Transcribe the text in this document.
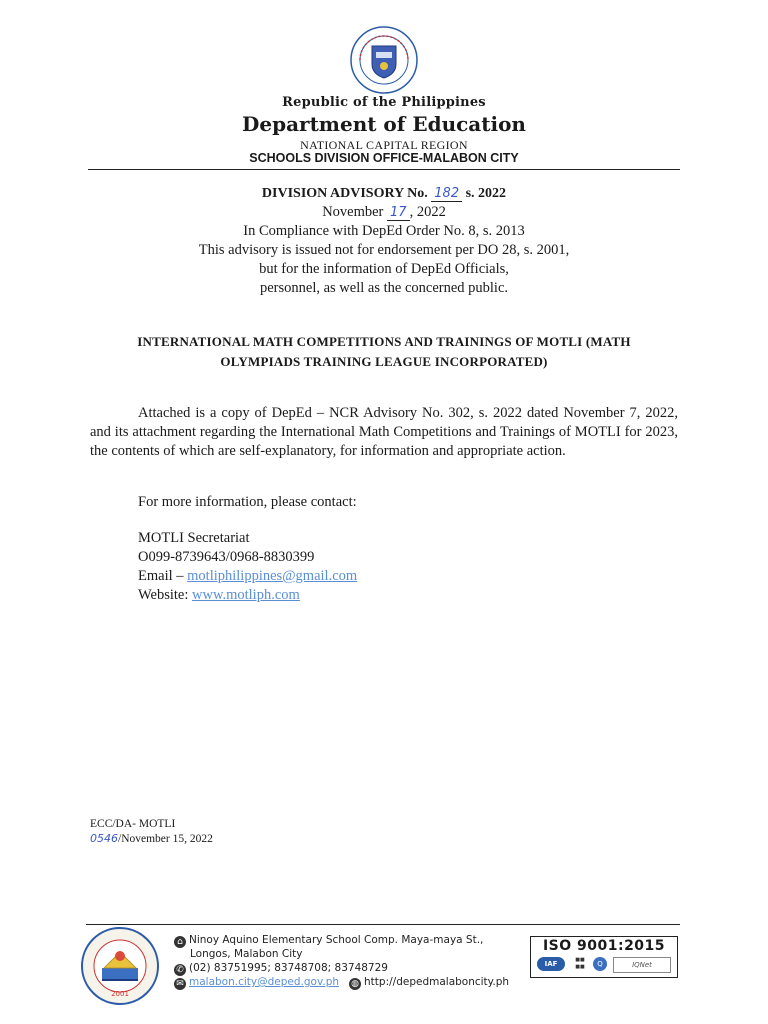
Republic of the Philippines
Department of Education
NATIONAL CAPITAL REGION
SCHOOLS DIVISION OFFICE-MALABON CITY
DIVISION ADVISORY No. 182 s. 2022
November 17 , 2022
In Compliance with DepEd Order No. 8, s. 2013
This advisory is issued not for endorsement per DO 28, s. 2001,
but for the information of DepEd Officials,
personnel, as well as the concerned public.
INTERNATIONAL MATH COMPETITIONS AND TRAININGS OF MOTLI (MATH OLYMPIADS TRAINING LEAGUE INCORPORATED)
Attached is a copy of DepEd – NCR Advisory No. 302, s. 2022 dated November 7, 2022, and its attachment regarding the International Math Competitions and Trainings of MOTLI for 2023, the contents of which are self-explanatory, for information and appropriate action.
For more information, please contact:
MOTLI Secretariat
O099-8739643/0968-8830399
Email – motliphilippines@gmail.com
Website: www.motliph.com
ECC/DA- MOTLI
0546/November 15, 2022
2001
⌂ Ninoy Aquino Elementary School Comp. Maya-maya St.,
Longos, Malabon City
✆ (02) 83751995; 83748708; 83748729
✉ malabon.city@deped.gov.ph ◍ http://depedmalaboncity.ph
ISO 9001:2015
IAF	■■
■■	Q	IQNet
